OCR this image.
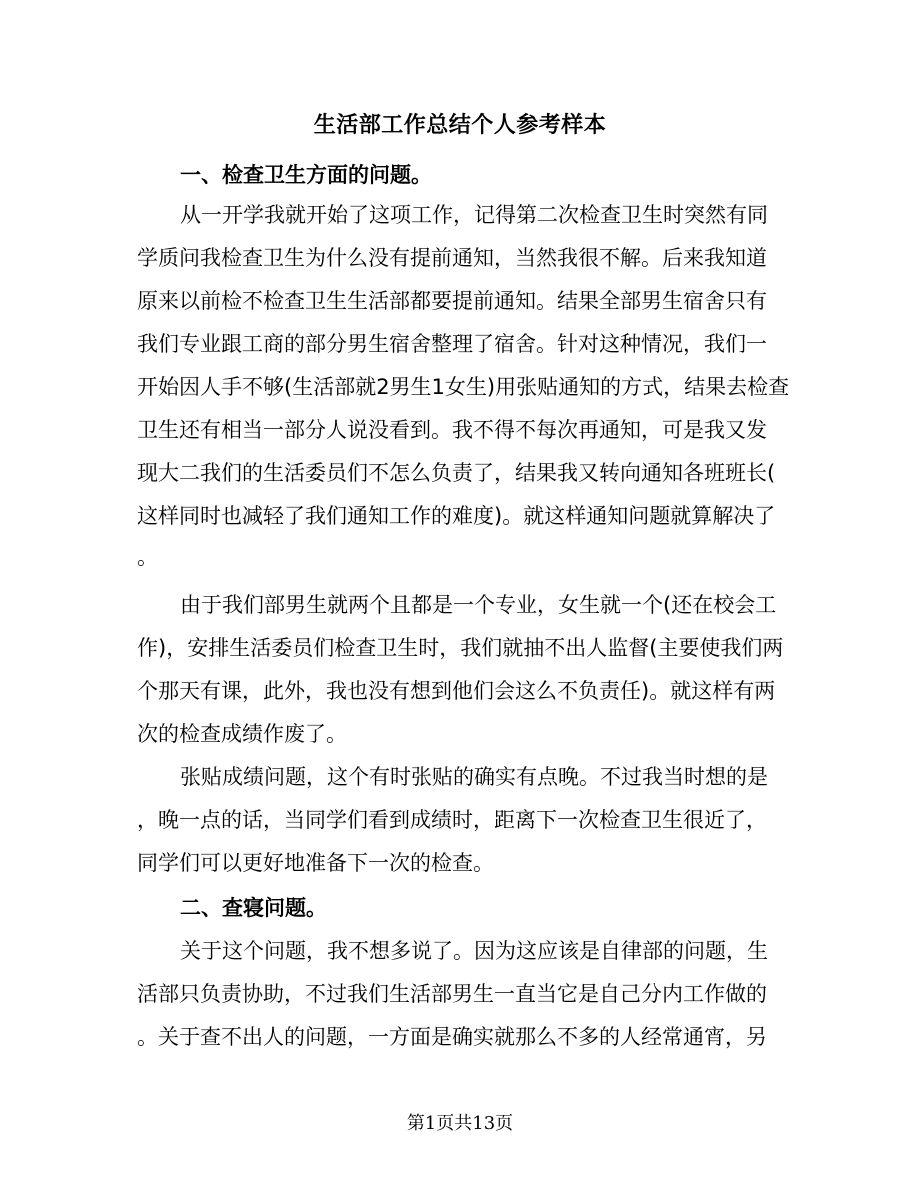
生活部工作总结个人参考样本
一、检查卫生方面的问题。
从一开学我就开始了这项工作，记得第二次检查卫生时突然有同
学质问我检查卫生为什么没有提前通知，当然我很不解。后来我知道
原来以前检不检查卫生生活部都要提前通知。结果全部男生宿舍只有
我们专业跟工商的部分男生宿舍整理了宿舍。针对这种情况，我们一
开始因人手不够(生活部就2男生1女生)用张贴通知的方式，结果去检查
卫生还有相当一部分人说没看到。我不得不每次再通知，可是我又发
现大二我们的生活委员们不怎么负责了，结果我又转向通知各班班长(
这样同时也减轻了我们通知工作的难度)。就这样通知问题就算解决了
。
由于我们部男生就两个且都是一个专业，女生就一个(还在校会工
作)，安排生活委员们检查卫生时，我们就抽不出人监督(主要使我们两
个那天有课，此外，我也没有想到他们会这么不负责任)。就这样有两
次的检查成绩作废了。
张贴成绩问题，这个有时张贴的确实有点晚。不过我当时想的是
，晚一点的话，当同学们看到成绩时，距离下一次检查卫生很近了，
同学们可以更好地准备下一次的检查。
二、查寝问题。
关于这个问题，我不想多说了。因为这应该是自律部的问题，生
活部只负责协助，不过我们生活部男生一直当它是自己分内工作做的
。关于查不出人的问题，一方面是确实就那么不多的人经常通宵，另
第1页共13页
